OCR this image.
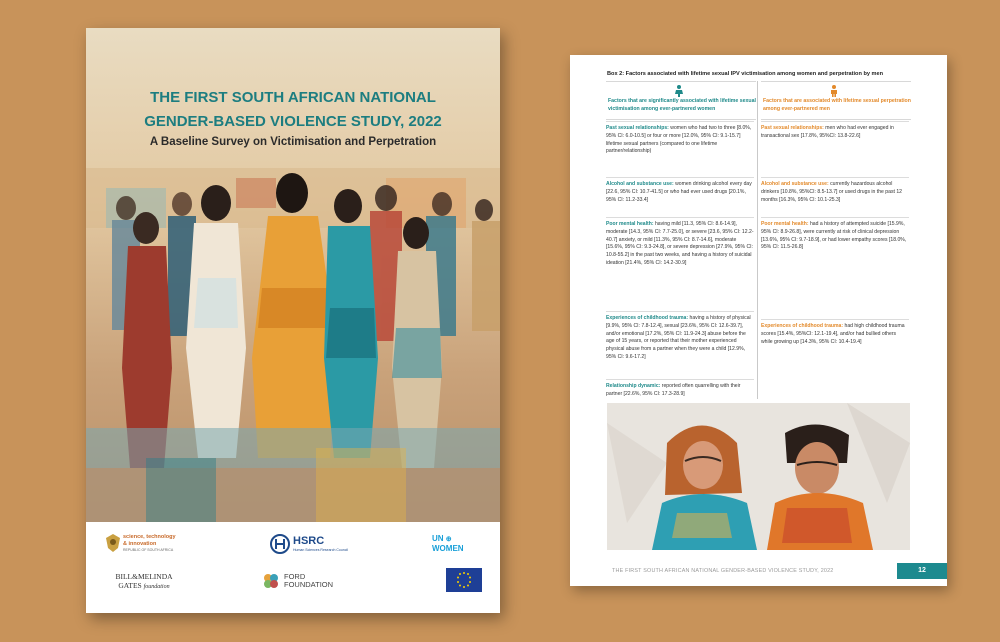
THE FIRST SOUTH AFRICAN NATIONAL
GENDER-BASED VIOLENCE STUDY, 2022
A Baseline Survey on Victimisation and Perpetration
science, technology
& innovation
REPUBLIC OF SOUTH AFRICA
HSRC
Human Sciences Research Council
UN ⊕
WOMEN
BILL&MELINDA
GATES foundation
FORD
FOUNDATION
Box 2: Factors associated with lifetime sexual IPV victimisation among women and perpetration by men
Factors that are significantly associated with lifetime sexual victimisation among ever-partnered women
Past sexual relationships: women who had two to three [8.0%, 95% CI: 6.0-10.5] or four or more [12.0%, 95% CI: 9.1-15.7] lifetime sexual partners (compared to one lifetime partner/relationship)
Alcohol and substance use: women drinking alcohol every day [22.6, 95% CI: 10.7-41.5] or who had ever used drugs [20.1%, 95% CI: 11.2-33.4]
Poor mental health: having mild [11.3, 95% CI: 8.6-14.9], moderate [14.3, 95% CI: 7.7-25.0], or severe [23.6, 95% CI: 12.2-40.7] anxiety, or mild [11.3%, 95% CI: 8.7-14.6], moderate [15.6%, 95% CI: 9.3-24.8], or severe depression [27.9%, 95% CI: 10.8-55.2] in the past two weeks, and having a history of suicidal ideation [21.4%, 95% CI: 14.2-30.9]
Experiences of childhood trauma: having a history of physical [9.9%, 95% CI: 7.8-12.4], sexual [23.6%, 95% CI: 12.6-39.7], and/or emotional [17.2%, 95% CI: 11.9-24.3] abuse before the age of 15 years, or reported that their mother experienced physical abuse from a partner when they were a child [12.9%, 95% CI: 9.6-17.2]
Relationship dynamic: reported often quarrelling with their partner [22.6%, 95% CI: 17.3-28.9]
Factors that are associated with lifetime sexual perpetration among ever-partnered men
Past sexual relationships: men who had ever engaged in transactional sex [17.8%, 95%CI: 13.8-22.6]
Alcohol and substance use: currently hazardous alcohol drinkers [10.8%, 95%CI: 8.5-13.7] or used drugs in the past 12 months [16.3%, 95% CI: 10.1-25.3]
Poor mental health: had a history of attempted suicide [15.9%, 95% CI: 8.9-26.8], were currently at risk of clinical depression [13.6%, 95% CI: 9.7-18.9], or had lower empathy scores [18.0%, 95% CI: 11.5-26.8]
Experiences of childhood trauma: had high childhood trauma scores [15.4%, 95%CI: 12.1-19.4], and/or had bullied others while growing up [14.3%, 95% CI: 10.4-19.4]
THE FIRST SOUTH AFRICAN NATIONAL GENDER-BASED VIOLENCE STUDY, 2022	12
